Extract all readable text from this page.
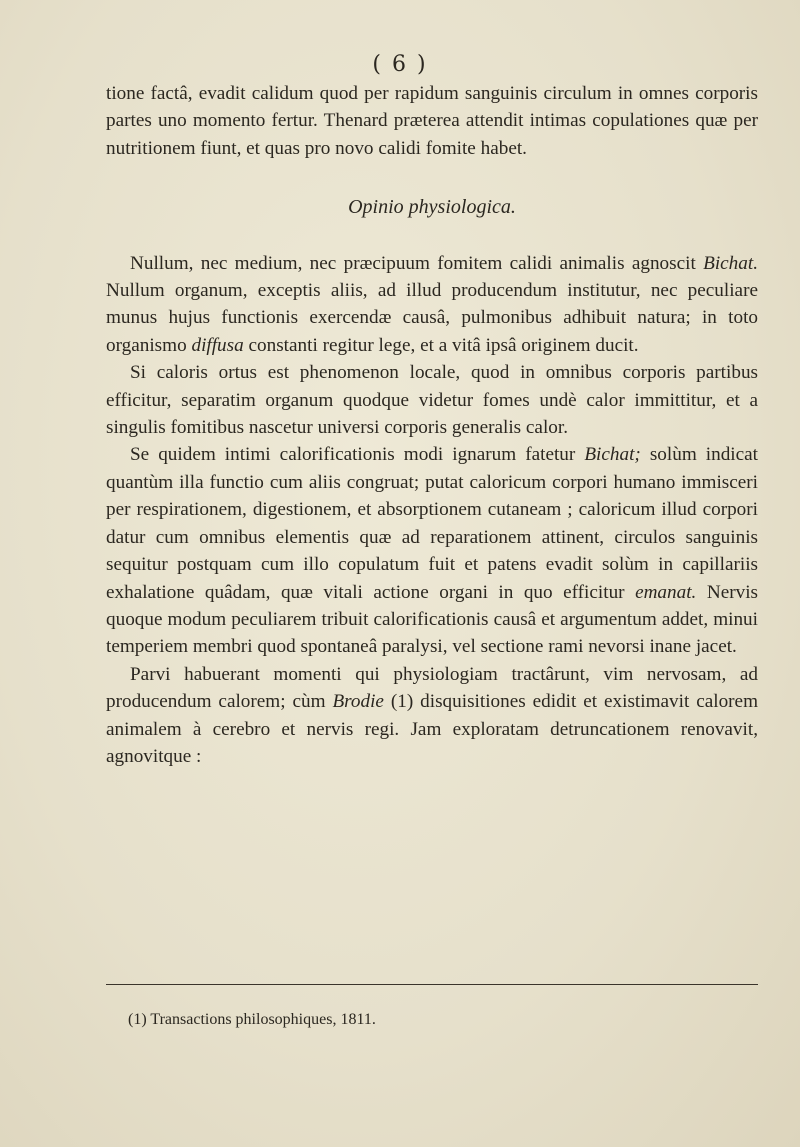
( 6 )

tione factâ, evadit calidum quod per rapidum sanguinis circulum in omnes corporis partes uno momento fertur. Thenard præterea attendit intimas copulationes quæ per nutritionem fiunt, et quas pro novo calidi fomite habet.

Opinio physiologica.

Nullum, nec medium, nec præcipuum fomitem calidi animalis agnoscit Bichat. Nullum organum, exceptis aliis, ad illud producendum institutur, nec peculiare munus hujus functionis exercendæ causâ, pulmonibus adhibuit natura; in toto organismo diffusa constanti regitur lege, et a vitâ ipsâ originem ducit.

Si caloris ortus est phenomenon locale, quod in omnibus corporis partibus efficitur, separatim organum quodque videtur fomes undè calor immittitur, et a singulis fomitibus nascetur universi corporis generalis calor.

Se quidem intimi calorificationis modi ignarum fatetur Bichat; solùm indicat quantùm illa functio cum aliis congruat; putat caloricum corpori humano immisceri per respirationem, digestionem, et absorptionem cutaneam ; caloricum illud corpori datur cum omnibus elementis quæ ad reparationem attinent, circulos sanguinis sequitur postquam cum illo copulatum fuit et patens evadit solùm in capillariis exhalatione quâdam, quæ vitali actione organi in quo efficitur emanat. Nervis quoque modum peculiarem tribuit calorificationis causâ et argumentum addet, minui temperiem membri quod spontaneâ paralysi, vel sectione rami nevorsi inane jacet.

Parvi habuerant momenti qui physiologiam tractârunt, vim nervosam, ad producendum calorem; cùm Brodie (1) disquisitiones edidit et existimavit calorem animalem à cerebro et nervis regi. Jam exploratam detruncationem renovavit, agnovitque :

(1) Transactions philosophiques, 1811.
